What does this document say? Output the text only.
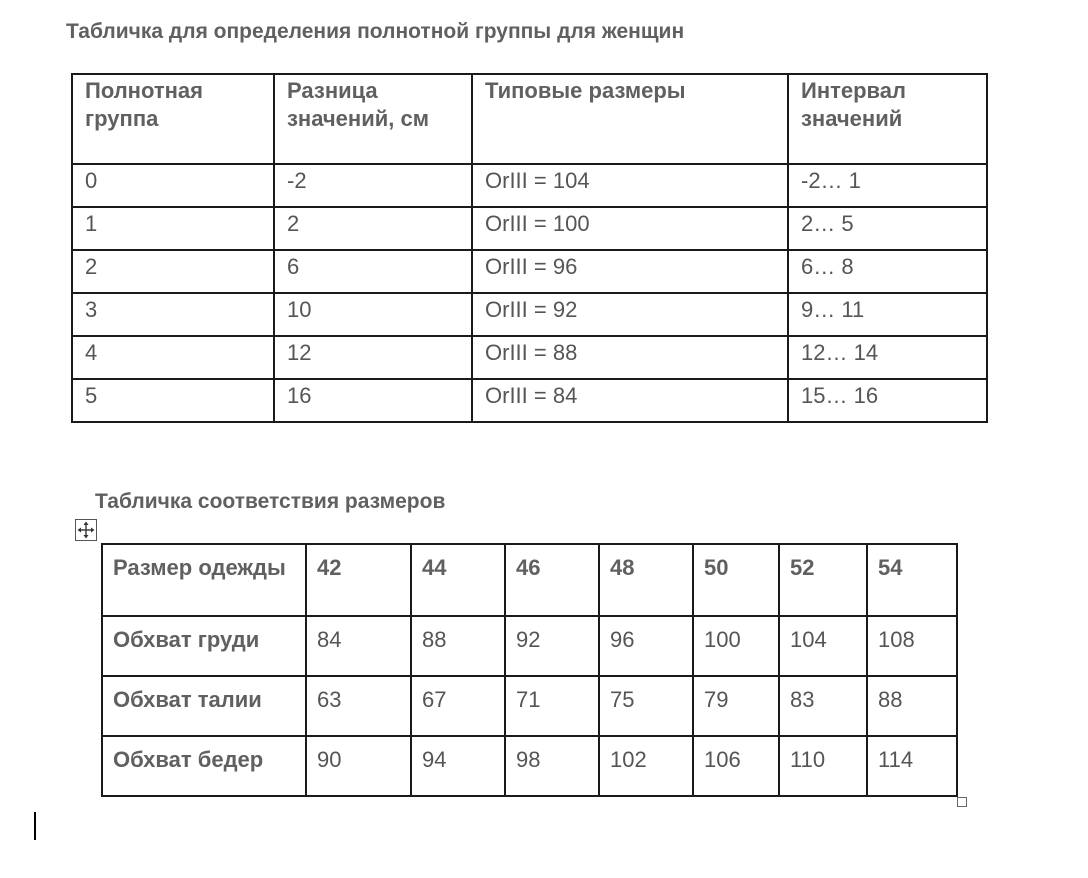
Табличка для определения полнотной группы для женщин
Полнотная группа	Разница значений, см	Типовые размеры	Интервал значений
0	-2	OrIII = 104	-2… 1
1	2	OrIII = 100	2… 5
2	6	OrIII = 96	6… 8
3	10	OrIII = 92	9… 11
4	12	OrIII = 88	12… 14
5	16	OrIII = 84	15… 16
Табличка соответствия размеров
Размер одежды	42	44	46	48	50	52	54
Обхват груди	84	88	92	96	100	104	108
Обхват талии	63	67	71	75	79	83	88
Обхват бедер	90	94	98	102	106	110	114
